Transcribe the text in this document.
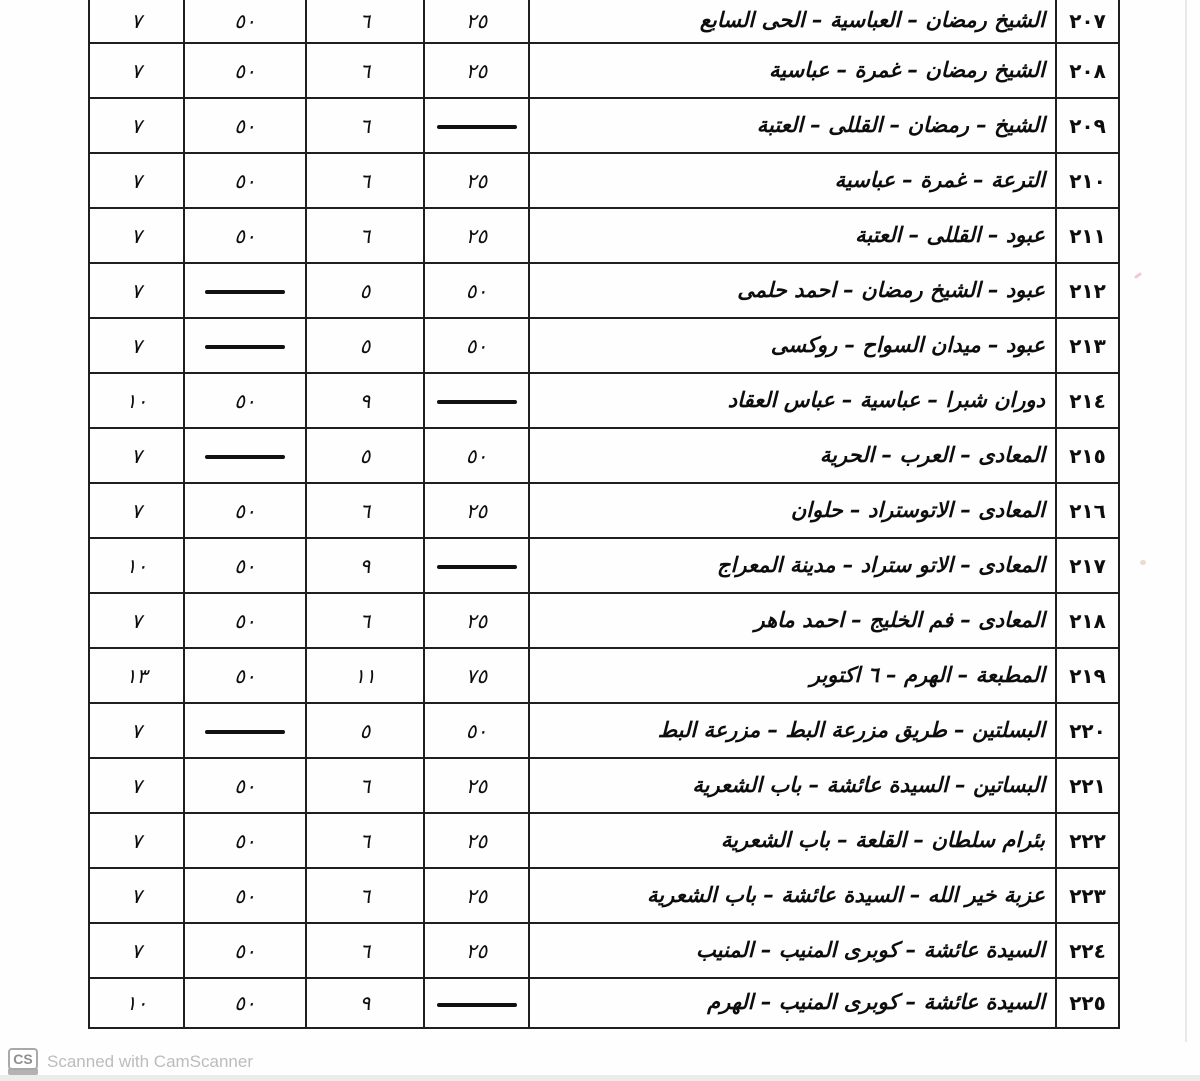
٢٠٧	الشيخ رمضان – العباسية – الحى السابع	٢٥	٦	٥٠	٧
٢٠٨	الشيخ رمضان – غمرة – عباسية	٢٥	٦	٥٠	٧
٢٠٩	الشيخ – رمضان – القللى – العتبة		٦	٥٠	٧
٢١٠	الترعة – غمرة – عباسية	٢٥	٦	٥٠	٧
٢١١	عبود – القللى – العتبة	٢٥	٦	٥٠	٧
٢١٢	عبود – الشيخ رمضان – احمد حلمى	٥٠	٥		٧
٢١٣	عبود – ميدان السواح – روكسى	٥٠	٥		٧
٢١٤	دوران شبرا – عباسية – عباس العقاد		٩	٥٠	١٠
٢١٥	المعادى – العرب – الحرية	٥٠	٥		٧
٢١٦	المعادى – الاتوستراد – حلوان	٢٥	٦	٥٠	٧
٢١٧	المعادى – الاتو ستراد – مدينة المعراج		٩	٥٠	١٠
٢١٨	المعادى – فم الخليج – احمد ماهر	٢٥	٦	٥٠	٧
٢١٩	المطبعة – الهرم – ٦ اكتوبر	٧٥	١١	٥٠	١٣
٢٢٠	البسلتين – طريق مزرعة البط – مزرعة البط	٥٠	٥		٧
٢٢١	البساتين – السيدة عائشة – باب الشعرية	٢٥	٦	٥٠	٧
٢٢٢	بئرام سلطان – القلعة – باب الشعرية	٢٥	٦	٥٠	٧
٢٢٣	عزبة خير الله – السيدة عائشة – باب الشعرية	٢٥	٦	٥٠	٧
٢٢٤	السيدة عائشة – كوبرى المنيب – المنيب	٢٥	٦	٥٠	٧
٢٢٥	السيدة عائشة – كوبرى المنيب – الهرم		٩	٥٠	١٠
CS Scanned with CamScanner
